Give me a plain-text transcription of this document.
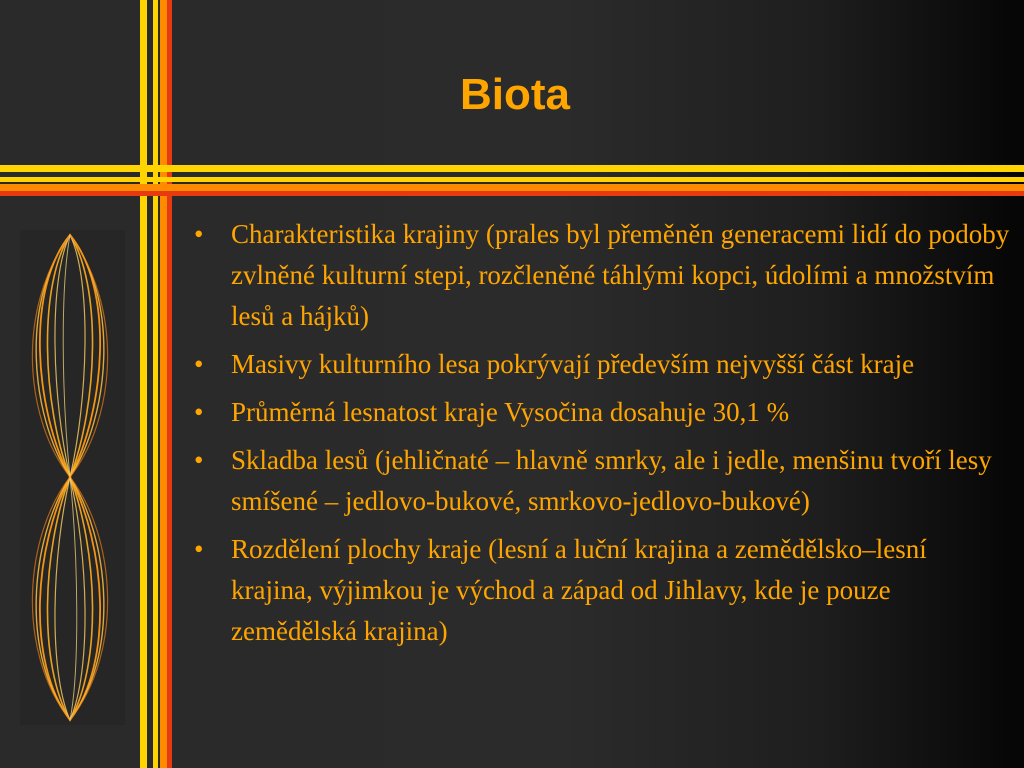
Biota
• Charakteristika krajiny (prales byl přeměněn generacemi lidí do podoby zvlněné kulturní stepi, rozčleněné táhlými kopci, údolími a množstvím lesů a hájků)
• Masivy kulturního lesa pokrývají především nejvyšší část kraje
• Průměrná lesnatost kraje Vysočina dosahuje 30,1 %
• Skladba lesů (jehličnaté – hlavně smrky, ale i jedle, menšinu tvoří lesy smíšené – jedlovo-bukové, smrkovo-jedlovo-bukové)
• Rozdělení plochy kraje (lesní a luční krajina a zemědělsko–lesní krajina, výjimkou je východ a západ od Jihlavy, kde je pouze zemědělská krajina)
